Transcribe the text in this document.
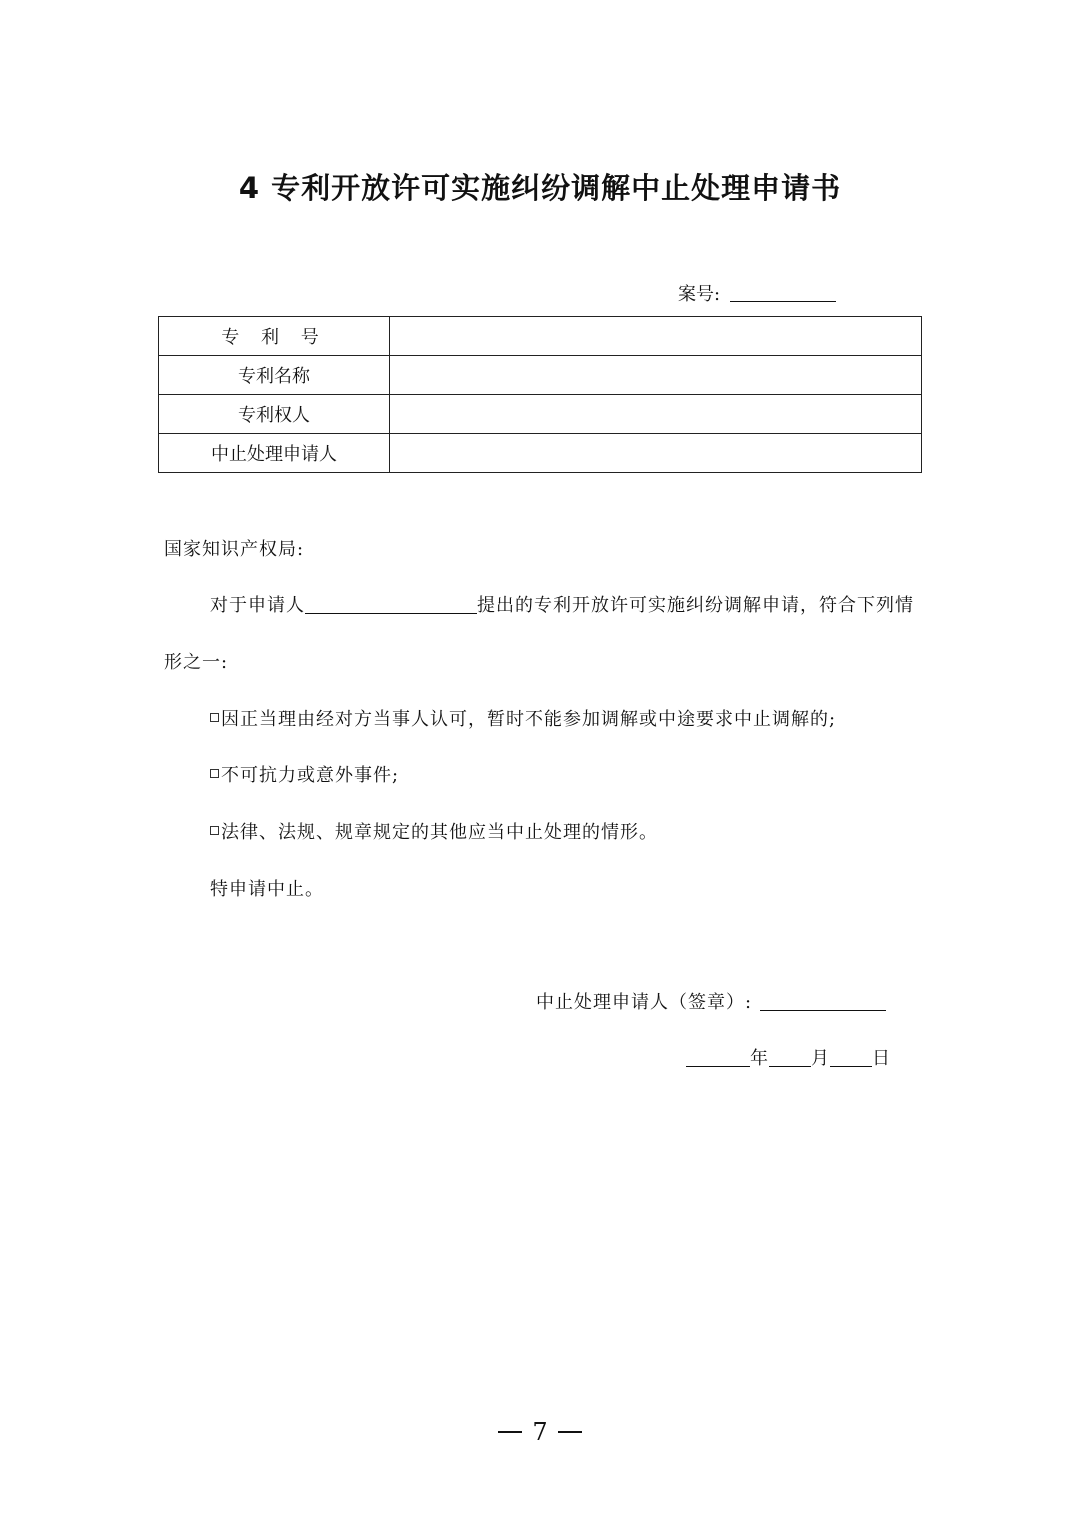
4 专利开放许可实施纠纷调解中止处理申请书
案号:
专 利 号	
专利名称	
专利权人	
中止处理申请人	
国家知识产权局:
对于申请人	提出的专利开放许可实施纠纷调解申请，符合下列情
形之一:
因正当理由经对方当事人认可，暂时不能参加调解或中途要求中止调解的;
不可抗力或意外事件;
法律、法规、规章规定的其他应当中止处理的情形。
特申请中止。
中止处理申请人（签章）:
年 月 日
7
